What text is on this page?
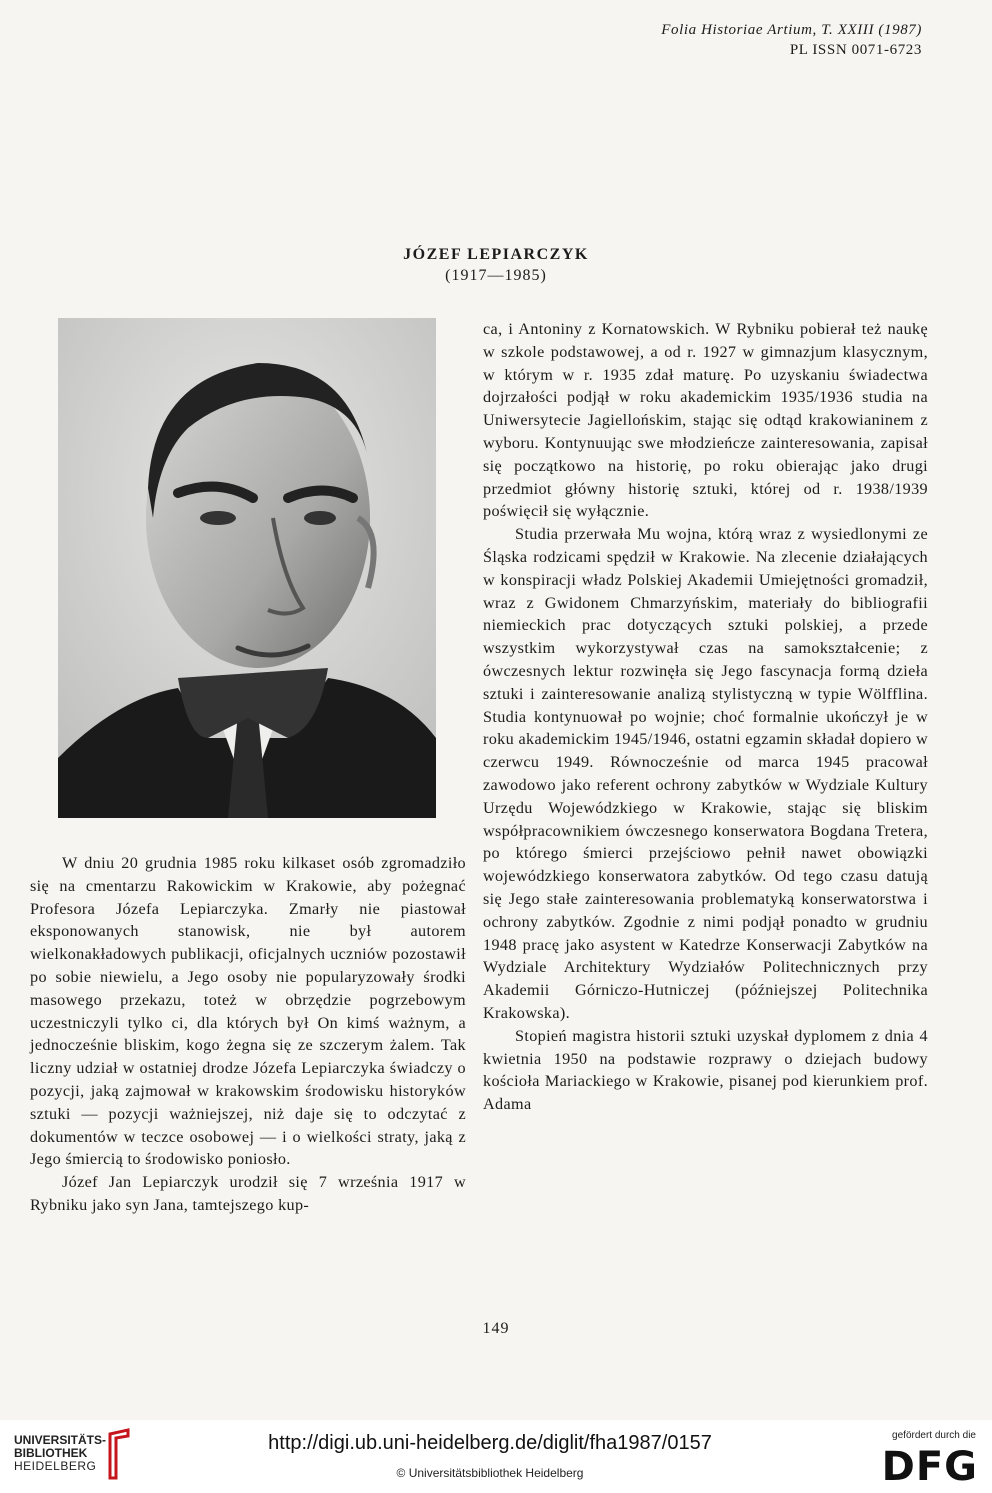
Folia Historiae Artium, T. XXIII (1987)
PL ISSN 0071-6723
JÓZEF LEPIARCZYK
(1917—1985)

W dniu 20 grudnia 1985 roku kilkaset osób zgromadziło się na cmentarzu Rakowickim w Krakowie, aby pożegnać Profesora Józefa Lepiarczyka. Zmarły nie piastował eksponowanych stanowisk, nie był autorem wielkonakładowych publikacji, oficjalnych uczniów pozostawił po sobie niewielu, a Jego osoby nie popularyzowały środki masowego przekazu, toteż w obrzędzie pogrzebowym uczestniczyli tylko ci, dla których był On kimś ważnym, a jednocześnie bliskim, kogo żegna się ze szczerym żalem. Tak liczny udział w ostatniej drodze Józefa Lepiarczyka świadczy o pozycji, jaką zajmował w krakowskim środowisku historyków sztuki — pozycji ważniejszej, niż daje się to odczytać z dokumentów w teczce osobowej — i o wielkości straty, jaką z Jego śmiercią to środowisko poniosło.

Józef Jan Lepiarczyk urodził się 7 września 1917 w Rybniku jako syn Jana, tamtejszego kup-

ca, i Antoniny z Kornatowskich. W Rybniku pobierał też naukę w szkole podstawowej, a od r. 1927 w gimnazjum klasycznym, w którym w r. 1935 zdał maturę. Po uzyskaniu świadectwa dojrzałości podjął w roku akademickim 1935/1936 studia na Uniwersytecie Jagiellońskim, stając się odtąd krakowianinem z wyboru. Kontynuując swe młodzieńcze zainteresowania, zapisał się początkowo na historię, po roku obierając jako drugi przedmiot główny historię sztuki, której od r. 1938/1939 poświęcił się wyłącznie.

Studia przerwała Mu wojna, którą wraz z wysiedlonymi ze Śląska rodzicami spędził w Krakowie. Na zlecenie działających w konspiracji władz Polskiej Akademii Umiejętności gromadził, wraz z Gwidonem Chmarzyńskim, materiały do bibliografii niemieckich prac dotyczących sztuki polskiej, a przede wszystkim wykorzystywał czas na samokształcenie; z ówczesnych lektur rozwinęła się Jego fascynacja formą dzieła sztuki i zainteresowanie analizą stylistyczną w typie Wölfflina. Studia kontynuował po wojnie; choć formalnie ukończył je w roku akademickim 1945/1946, ostatni egzamin składał dopiero w czerwcu 1949. Równocześnie od marca 1945 pracował zawodowo jako referent ochrony zabytków w Wydziale Kultury Urzędu Wojewódzkiego w Krakowie, stając się bliskim współpracownikiem ówczesnego konserwatora Bogdana Tretera, po którego śmierci przejściowo pełnił nawet obowiązki wojewódzkiego konserwatora zabytków. Od tego czasu datują się Jego stałe zainteresowania problematyką konserwatorstwa i ochrony zabytków. Zgodnie z nimi podjął ponadto w grudniu 1948 pracę jako asystent w Katedrze Konserwacji Zabytków na Wydziale Architektury Wydziałów Politechnicznych przy Akademii Górniczo-Hutniczej (późniejszej Politechnika Krakowska).

Stopień magistra historii sztuki uzyskał dyplomem z dnia 4 kwietnia 1950 na podstawie rozprawy o dziejach budowy kościoła Mariackiego w Krakowie, pisanej pod kierunkiem prof. Adama

149
UNIVERSITÄTS-
BIBLIOTHEK
HEIDELBERG
http://digi.ub.uni-heidelberg.de/diglit/fha1987/0157
© Universitätsbibliothek Heidelberg
gefördert durch die
DFG
